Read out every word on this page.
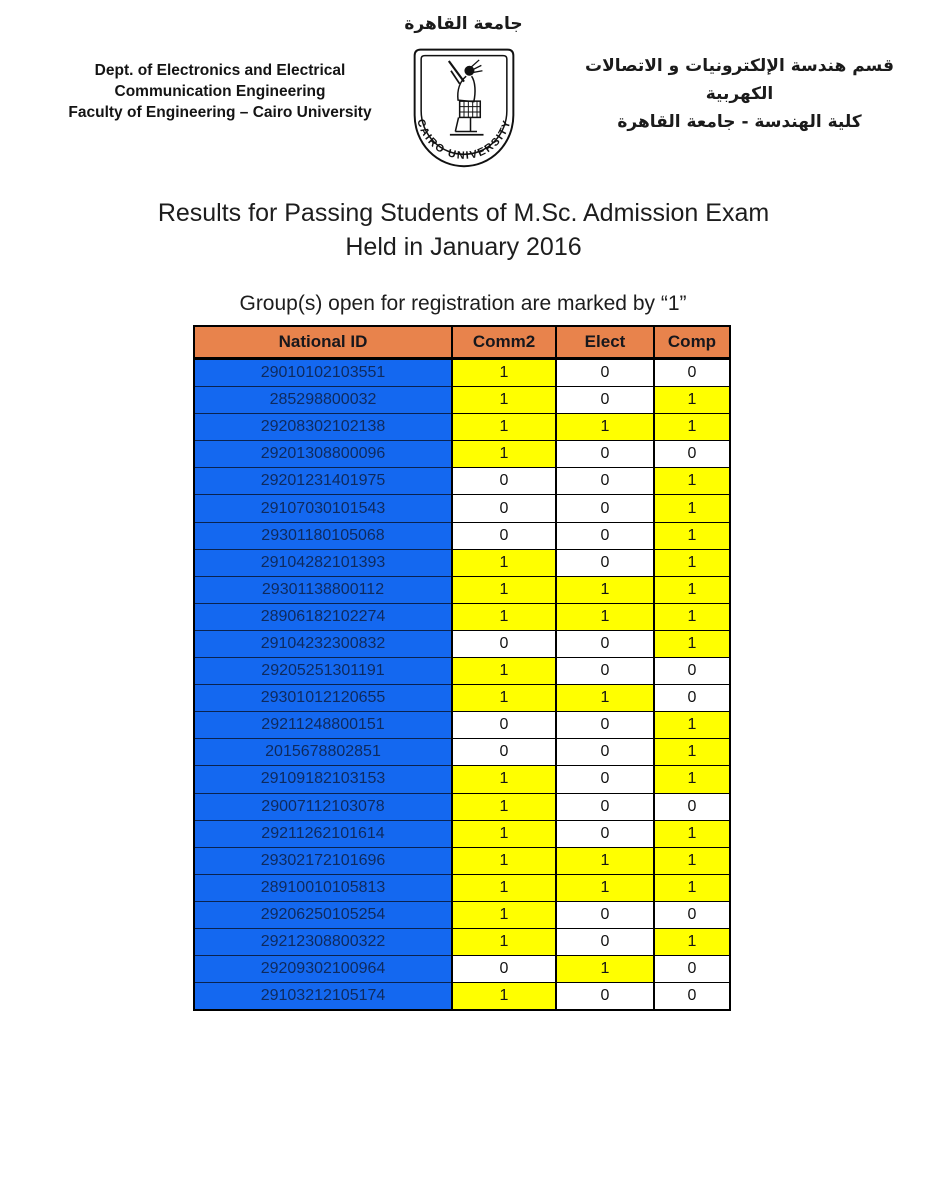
جامعة القاهرة
Dept. of Electronics and Electrical
Communication Engineering
Faculty of Engineering – Cairo University
CAIRO UNIVERSITY
قسم هندسة الإلكترونيات و الاتصالات الكهربية
كلية الهندسة - جامعة القاهرة
Results for Passing Students of M.Sc. Admission Exam
Held in January 2016
Group(s) open for registration are marked by “1”
National ID	Comm2	Elect	Comp
29010102103551	1	0	0
285298800032	1	0	1
29208302102138	1	1	1
29201308800096	1	0	0
29201231401975	0	0	1
29107030101543	0	0	1
29301180105068	0	0	1
29104282101393	1	0	1
29301138800112	1	1	1
28906182102274	1	1	1
29104232300832	0	0	1
29205251301191	1	0	0
29301012120655	1	1	0
29211248800151	0	0	1
2015678802851	0	0	1
29109182103153	1	0	1
29007112103078	1	0	0
29211262101614	1	0	1
29302172101696	1	1	1
28910010105813	1	1	1
29206250105254	1	0	0
29212308800322	1	0	1
29209302100964	0	1	0
29103212105174	1	0	0
